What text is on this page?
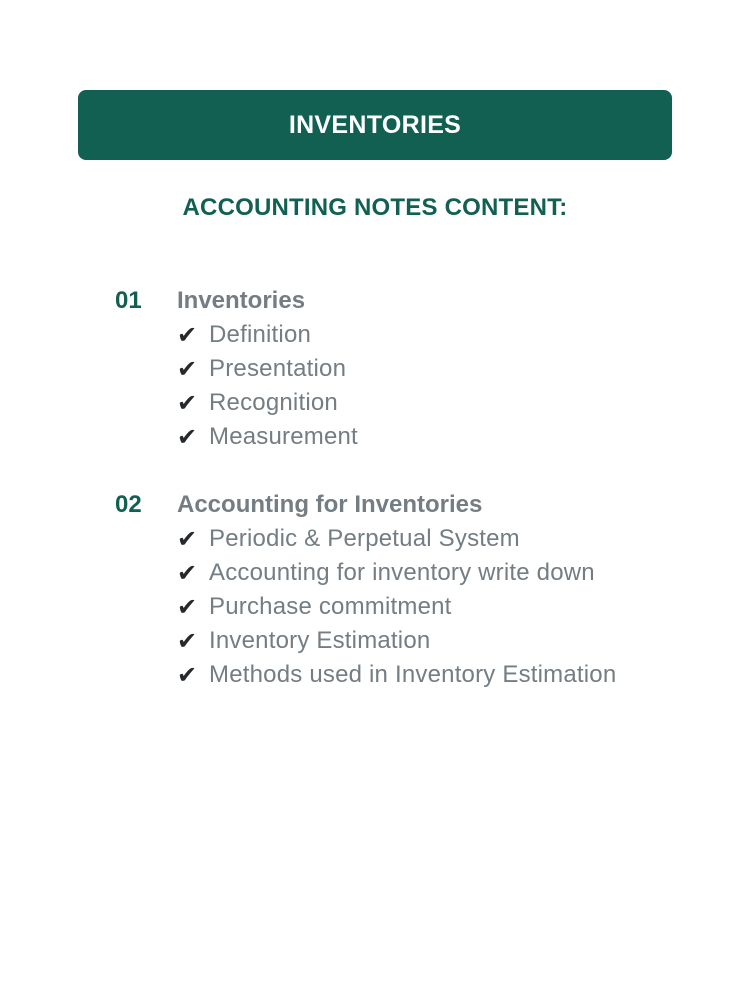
INVENTORIES
ACCOUNTING NOTES CONTENT:
01 Inventories
✔ Definition
✔ Presentation
✔ Recognition
✔ Measurement
02 Accounting for Inventories
✔ Periodic & Perpetual System
✔ Accounting for inventory write down
✔ Purchase commitment
✔ Inventory Estimation
✔ Methods used in Inventory Estimation
